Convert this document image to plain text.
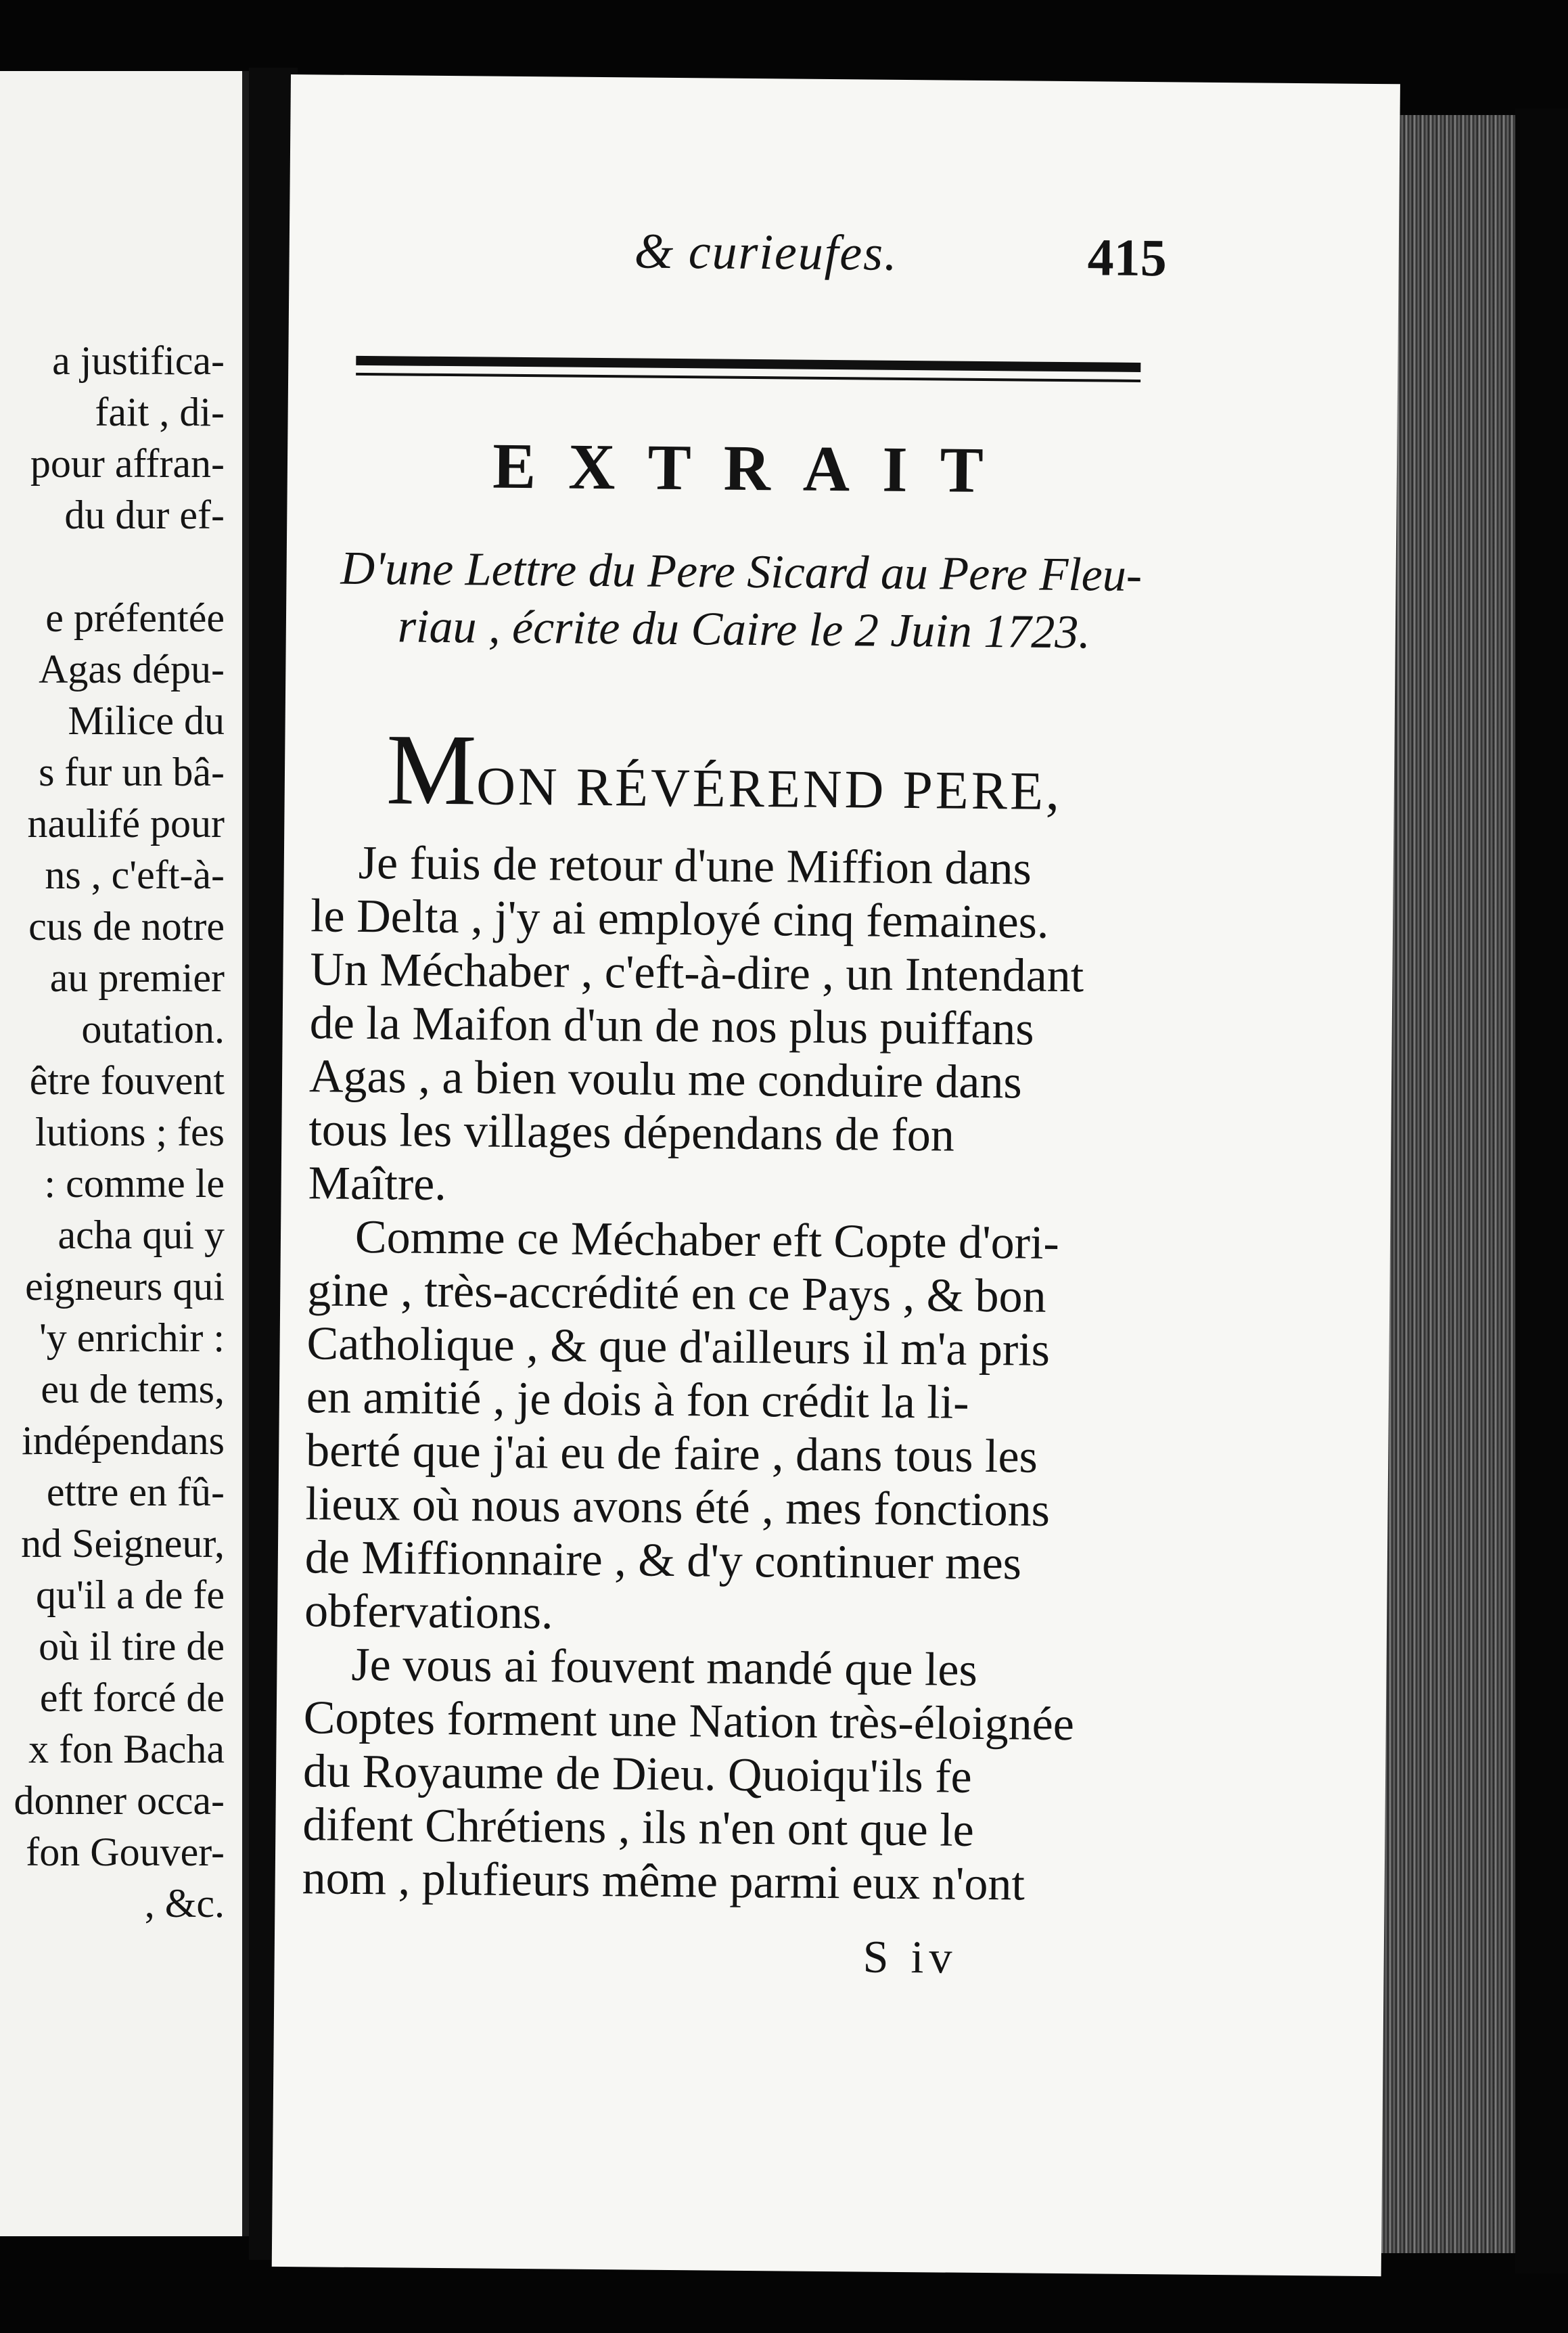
a justifica-
fait , di-
pour affran-
du dur ef-
e préfentée
Agas dépu-
Milice du
s fur un bâ-
naulifé pour
ns , c'eft-à-
cus de notre
au premier
outation.
être fouvent
lutions ; fes
: comme le
acha qui y
eigneurs qui
'y enrichir :
eu de tems,
indépendans
ettre en fû-
nd Seigneur,
qu'il a de fe
où il tire de
eft forcé de
x fon Bacha
donner occa-
fon Gouver-
, &c.
& curieufes.	415
EXTRAIT
D'une Lettre du Pere Sicard au Pere Fleu-
riau , écrite du Caire le 2 Juin 1723.
MON RÉVÉREND PERE,
Je fuis de retour d'une Miffion dans
le Delta , j'y ai employé cinq femaines.
Un Méchaber , c'eft-à-dire , un Intendant
de la Maifon d'un de nos plus puiffans
Agas , a bien voulu me conduire dans
tous les villages dépendans de fon
Maître.
Comme ce Méchaber eft Copte d'ori-
gine , très-accrédité en ce Pays , & bon
Catholique , & que d'ailleurs il m'a pris
en amitié , je dois à fon crédit la li-
berté que j'ai eu de faire , dans tous les
lieux où nous avons été , mes fonctions
de Miffionnaire , & d'y continuer mes
obfervations.
Je vous ai fouvent mandé que les
Coptes forment une Nation très-éloignée
du Royaume de Dieu. Quoiqu'ils fe
difent Chrétiens , ils n'en ont que le
nom , plufieurs même parmi eux n'ont
S iv
